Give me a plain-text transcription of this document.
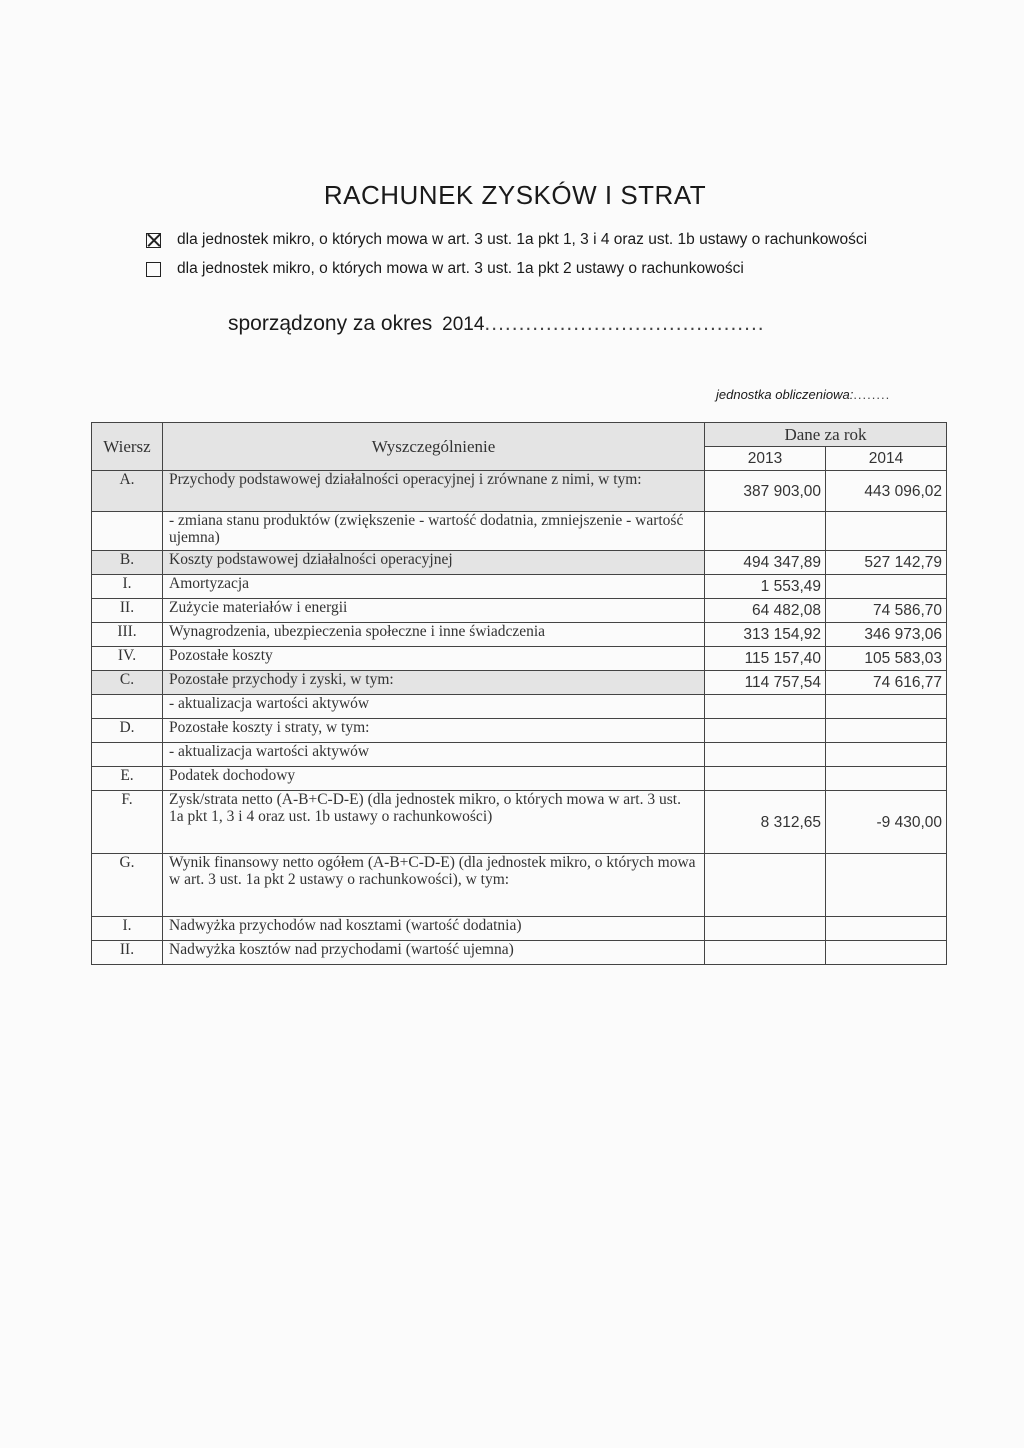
RACHUNEK ZYSKÓW I STRAT
dla jednostek mikro, o których mowa w art. 3 ust. 1a pkt 1, 3 i 4 oraz ust. 1b ustawy o rachunkowości
dla jednostek mikro, o których mowa w art. 3 ust. 1a pkt 2 ustawy o rachunkowości
sporządzony za okres 2014.........................................
jednostka obliczeniowa:........
Wiersz	Wyszczególnienie	Dane za rok	
		2013	2014
A.	Przychody podstawowej działalności operacyjnej i zrównane z nimi, w tym:	387 903,00	443 096,02
	- zmiana stanu produktów (zwiększenie - wartość dodatnia, zmniejszenie - wartość ujemna)		
B.	Koszty podstawowej działalności operacyjnej	494 347,89	527 142,79
I.	Amortyzacja	1 553,49	
II.	Zużycie materiałów i energii	64 482,08	74 586,70
III.	Wynagrodzenia, ubezpieczenia społeczne i inne świadczenia	313 154,92	346 973,06
IV.	Pozostałe koszty	115 157,40	105 583,03
C.	Pozostałe przychody i zyski, w tym:	114 757,54	74 616,77
	- aktualizacja wartości aktywów		
D.	Pozostałe koszty i straty, w tym:		
	- aktualizacja wartości aktywów		
E.	Podatek dochodowy		
F.	Zysk/strata netto (A-B+C-D-E) (dla jednostek mikro, o których mowa w art. 3 ust. 1a pkt 1, 3 i 4 oraz ust. 1b ustawy o rachunkowości)	8 312,65	-9 430,00
G.	Wynik finansowy netto ogółem (A-B+C-D-E) (dla jednostek mikro, o których mowa w art. 3 ust. 1a pkt 2 ustawy o rachunkowości), w tym:		
I.	Nadwyżka przychodów nad kosztami (wartość dodatnia)		
II.	Nadwyżka kosztów nad przychodami (wartość ujemna)		
